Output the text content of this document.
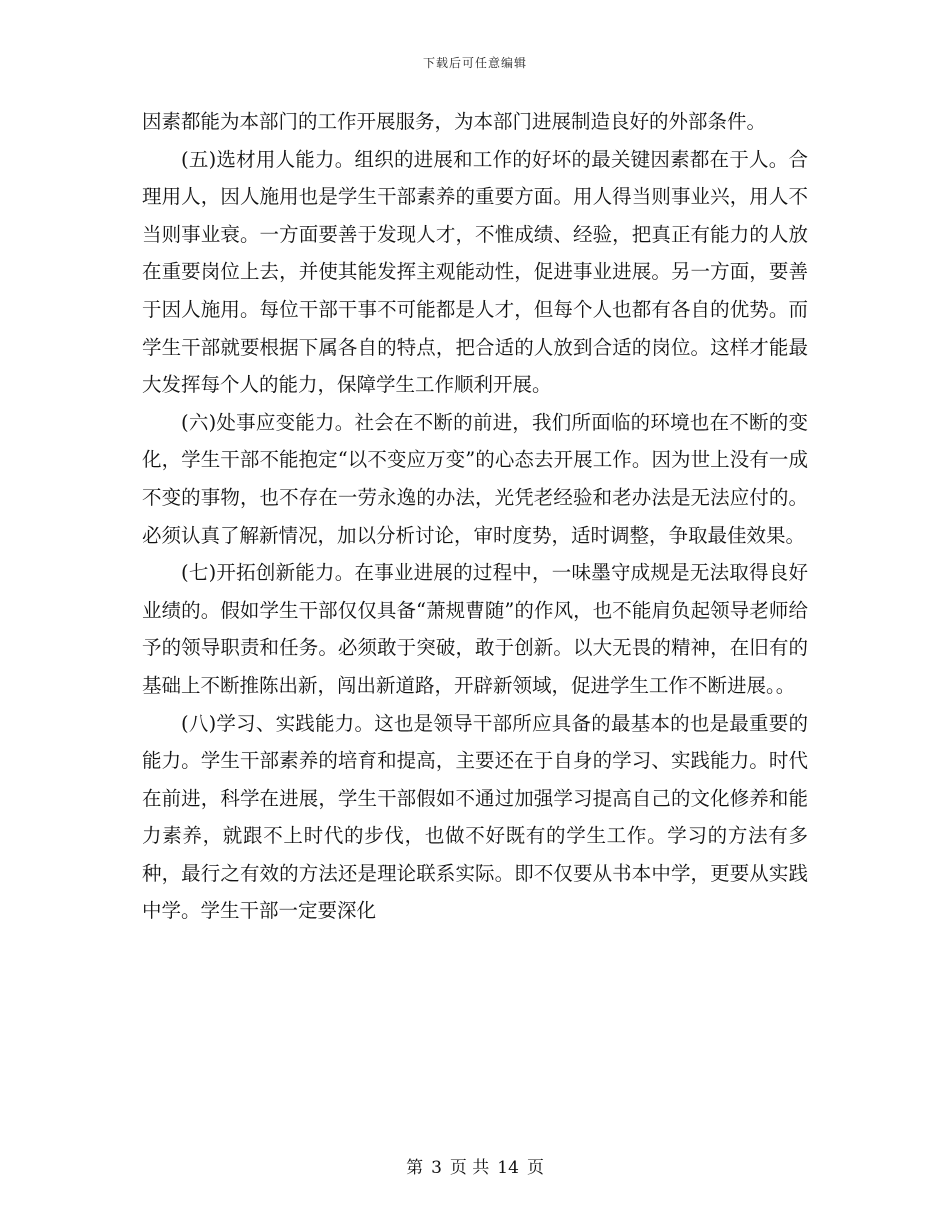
下载后可任意编辑

因素都能为本部门的工作开展服务，为本部门进展制造良好的外部条件。

(五)选材用人能力。组织的进展和工作的好坏的最关键因素都在于人。合理用人，因人施用也是学生干部素养的重要方面。用人得当则事业兴，用人不当则事业衰。一方面要善于发现人才，不惟成绩、经验，把真正有能力的人放在重要岗位上去，并使其能发挥主观能动性，促进事业进展。另一方面，要善于因人施用。每位干部干事不可能都是人才，但每个人也都有各自的优势。而学生干部就要根据下属各自的特点，把合适的人放到合适的岗位。这样才能最大发挥每个人的能力，保障学生工作顺利开展。

(六)处事应变能力。社会在不断的前进，我们所面临的环境也在不断的变化，学生干部不能抱定“以不变应万变”的心态去开展工作。因为世上没有一成不变的事物，也不存在一劳永逸的办法，光凭老经验和老办法是无法应付的。必须认真了解新情况，加以分析讨论，审时度势，适时调整，争取最佳效果。

(七)开拓创新能力。在事业进展的过程中，一味墨守成规是无法取得良好业绩的。假如学生干部仅仅具备“萧规曹随”的作风，也不能肩负起领导老师给予的领导职责和任务。必须敢于突破，敢于创新。以大无畏的精神，在旧有的基础上不断推陈出新，闯出新道路，开辟新领域，促进学生工作不断进展。。

(八)学习、实践能力。这也是领导干部所应具备的最基本的也是最重要的能力。学生干部素养的培育和提高，主要还在于自身的学习、实践能力。时代在前进，科学在进展，学生干部假如不通过加强学习提高自己的文化修养和能力素养，就跟不上时代的步伐，也做不好既有的学生工作。学习的方法有多种，最行之有效的方法还是理论联系实际。即不仅要从书本中学，更要从实践中学。学生干部一定要深化

第 3 页 共 14 页
